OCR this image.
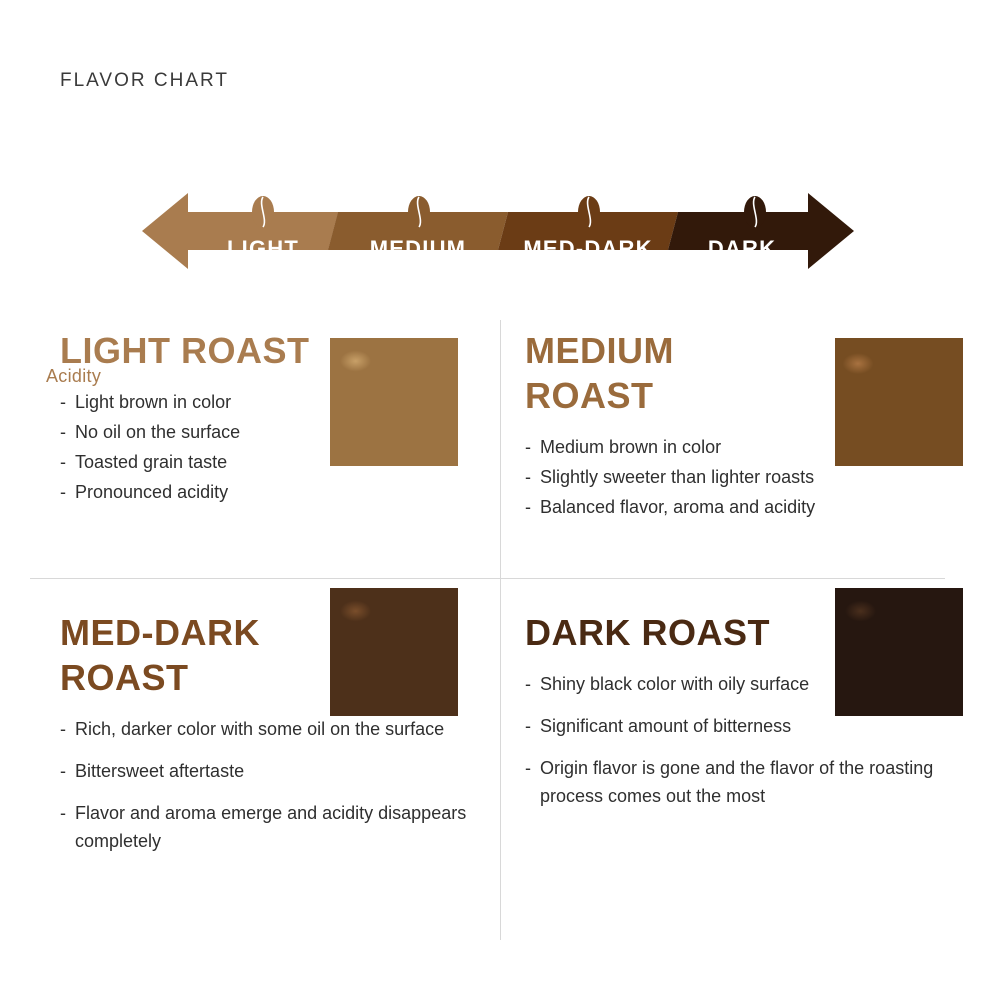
FLAVOR CHART
Acidity
LIGHT	MEDIUM	MED-DARK	DARK
LIGHT ROAST
- Light brown in color
- No oil on the surface
- Toasted grain taste
- Pronounced acidity
MEDIUM ROAST
- Medium brown in color
- Slightly sweeter than lighter roasts
- Balanced flavor, aroma and acidity
MED-DARK ROAST
- Rich, darker color with some oil on the surface
- Bittersweet aftertaste
- Flavor and aroma emerge and acidity disappears completely
DARK ROAST
- Shiny black color with oily surface
- Significant amount of bitterness
- Origin flavor is gone and the flavor of the roasting process comes out the most
